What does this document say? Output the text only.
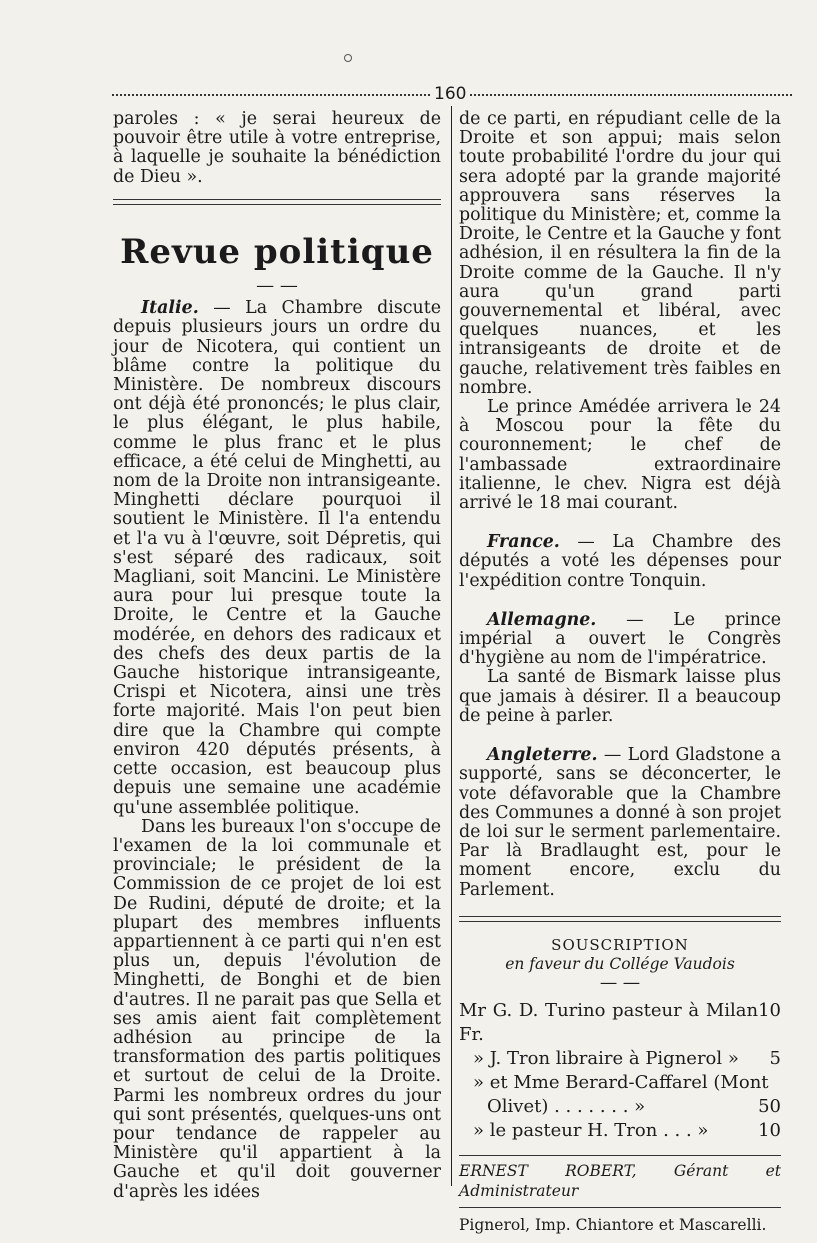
160

paroles : « je serai heureux de pouvoir être utile à votre entreprise, à laquelle je souhaite la bénédiction de Dieu ».

Revue politique
— —

Italie. — La Chambre discute depuis plusieurs jours un ordre du jour de Nicotera, qui contient un blâme contre la politique du Ministère. De nombreux discours ont déjà été prononcés; le plus clair, le plus élégant, le plus habile, comme le plus franc et le plus efficace, a été celui de Minghetti, au nom de la Droite non intransigeante. Minghetti déclare pourquoi il soutient le Ministère. Il l'a entendu et l'a vu à l'œuvre, soit Dépretis, qui s'est séparé des radicaux, soit Magliani, soit Mancini. Le Ministère aura pour lui presque toute la Droite, le Centre et la Gauche modérée, en dehors des radicaux et des chefs des deux partis de la Gauche historique intransigeante, Crispi et Nicotera, ainsi une très forte majorité. Mais l'on peut bien dire que la Chambre qui compte environ 420 députés présents, à cette occasion, est beaucoup plus depuis une semaine une académie qu'une assemblée politique.

Dans les bureaux l'on s'occupe de l'examen de la loi communale et provinciale; le président de la Commission de ce projet de loi est De Rudini, député de droite; et la plupart des membres influents appartiennent à ce parti qui n'en est plus un, depuis l'évolution de Minghetti, de Bonghi et de bien d'autres. Il ne parait pas que Sella et ses amis aient fait complètement adhésion au principe de la transformation des partis politiques et surtout de celui de la Droite. Parmi les nombreux ordres du jour qui sont présentés, quelques-uns ont pour tendance de rappeler au Ministère qu'il appartient à la Gauche et qu'il doit gouverner d'après les idées

de ce parti, en répudiant celle de la Droite et son appui; mais selon toute probabilité l'ordre du jour qui sera adopté par la grande majorité approuvera sans réserves la politique du Ministère; et, comme la Droite, le Centre et la Gauche y font adhésion, il en résultera la fin de la Droite comme de la Gauche. Il n'y aura qu'un grand parti gouvernemental et libéral, avec quelques nuances, et les intransigeants de droite et de gauche, relativement très faibles en nombre.

Le prince Amédée arrivera le 24 à Moscou pour la fête du couronnement; le chef de l'ambassade extraordinaire italienne, le chev. Nigra est déjà arrivé le 18 mai courant.

France. — La Chambre des députés a voté les dépenses pour l'expédition contre Tonquin.

Allemagne. — Le prince impérial a ouvert le Congrès d'hygiène au nom de l'impératrice.

La santé de Bismark laisse plus que jamais à désirer. Il a beaucoup de peine à parler.

Angleterre. — Lord Gladstone a supporté, sans se déconcerter, le vote défavorable que la Chambre des Communes a donné à son projet de loi sur le serment parlementaire. Par là Bradlaught est, pour le moment encore, exclu du Parlement.

SOUSCRIPTION
en faveur du Collége Vaudois
— —
Mr G. D. Turino pasteur à Milan Fr.
10
» J. Tron libraire à Pignerol » 5
» et Mme Berard-Caffarel (Mont
Olivet) . . . . . . . »	50
» le pasteur H. Tron . . . »	10
ERNEST ROBERT, Gérant et Administrateur
Pignerol, Imp. Chiantore et Mascarelli.
